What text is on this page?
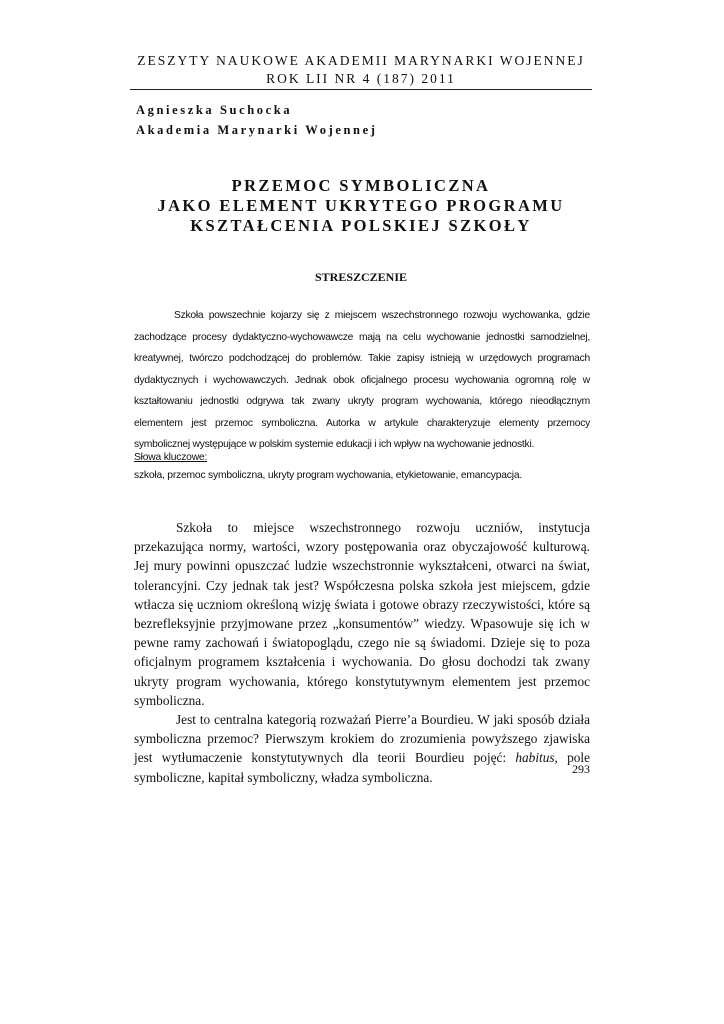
ZESZYTY NAUKOWE AKADEMII MARYNARKI WOJENNEJ
ROK LII NR 4 (187) 2011
Agnieszka Suchocka
Akademia Marynarki Wojennej
PRZEMOC SYMBOLICZNA
JAKO ELEMENT UKRYTEGO PROGRAMU
KSZTAŁCENIA POLSKIEJ SZKOŁY
STRESZCZENIE
Szkoła powszechnie kojarzy się z miejscem wszechstronnego rozwoju wychowanka, gdzie zachodzące procesy dydaktyczno-wychowawcze mają na celu wychowanie jednostki samodzielnej, kreatywnej, twórczo podchodzącej do problemów. Takie zapisy istnieją w urzędowych programach dydaktycznych i wychowawczych. Jednak obok oficjalnego procesu wychowania ogromną rolę w kształtowaniu jednostki odgrywa tak zwany ukryty program wychowania, którego nieodłącznym elementem jest przemoc symboliczna. Autorka w artykule charakteryzuje elementy przemocy symbolicznej występujące w polskim systemie edukacji i ich wpływ na wychowanie jednostki.
Słowa kluczowe:
szkoła, przemoc symboliczna, ukryty program wychowania, etykietowanie, emancypacja.

Szkoła to miejsce wszechstronnego rozwoju uczniów, instytucja przekazująca normy, wartości, wzory postępowania oraz obyczajowość kulturową. Jej mury powinni opuszczać ludzie wszechstronnie wykształceni, otwarci na świat, tolerancyjni. Czy jednak tak jest? Współczesna polska szkoła jest miejscem, gdzie wtłacza się uczniom określoną wizję świata i gotowe obrazy rzeczywistości, które są bezrefleksyjnie przyjmowane przez „konsumentów” wiedzy. Wpasowuje się ich w pewne ramy zachowań i światopoglądu, czego nie są świadomi. Dzieje się to poza oficjalnym programem kształcenia i wychowania. Do głosu dochodzi tak zwany ukryty program wychowania, którego konstytutywnym elementem jest przemoc symboliczna.

Jest to centralna kategorią rozważań Pierre’a Bourdieu. W jaki sposób działa symboliczna przemoc? Pierwszym krokiem do zrozumienia powyższego zjawiska jest wytłumaczenie konstytutywnych dla teorii Bourdieu pojęć: habitus, pole symboliczne, kapitał symboliczny, władza symboliczna.

293
